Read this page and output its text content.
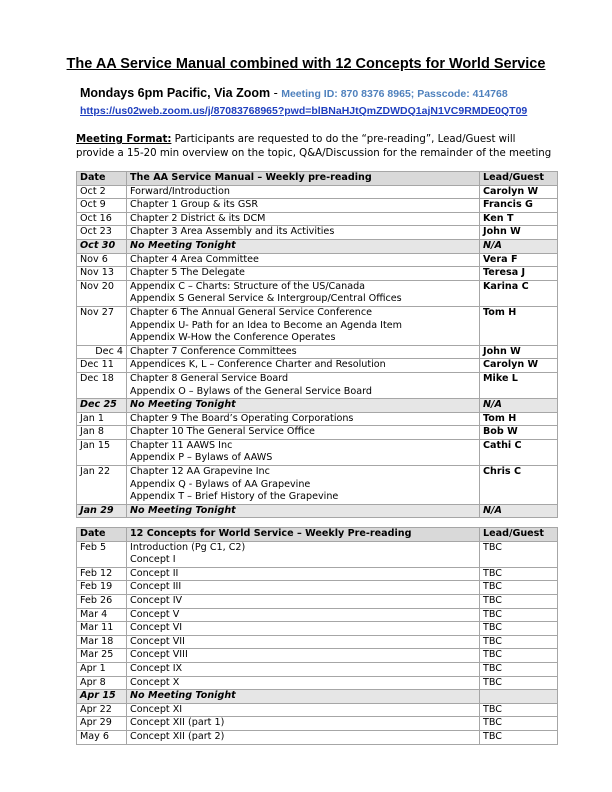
The AA Service Manual combined with 12 Concepts for World Service
Mondays 6pm Pacific, Via Zoom - Meeting ID: 870 8376 8965; Passcode: 414768
https://us02web.zoom.us/j/87083768965?pwd=blBNaHJtQmZDWDQ1ajN1VC9RMDE0QT09
Meeting Format: Participants are requested to do the “pre-reading”, Lead/Guest will provide a 15-20 min overview on the topic, Q&A/Discussion for the remainder of the meeting
Date	The AA Service Manual – Weekly pre-reading	Lead/Guest
Oct 2	Forward/Introduction	Carolyn W
Oct 9	Chapter 1 Group & its GSR	Francis G
Oct 16	Chapter 2 District & its DCM	Ken T
Oct 23	Chapter 3 Area Assembly and its Activities	John W
Oct 30	No Meeting Tonight	N/A
Nov 6	Chapter 4 Area Committee	Vera F
Nov 13	Chapter 5 The Delegate	Teresa J
Nov 20	Appendix C – Charts: Structure of the US/Canada
Appendix S General Service & Intergroup/Central Offices	Karina C
Nov 27	Chapter 6 The Annual General Service Conference
Appendix U- Path for an Idea to Become an Agenda Item
Appendix W-How the Conference Operates	Tom H
Dec 4	Chapter 7 Conference Committees	John W
Dec 11	Appendices K, L – Conference Charter and Resolution	Carolyn W
Dec 18	Chapter 8 General Service Board
Appendix O – Bylaws of the General Service Board	Mike L
Dec 25	No Meeting Tonight	N/A
Jan 1	Chapter 9 The Board’s Operating Corporations	Tom H
Jan 8	Chapter 10 The General Service Office	Bob W
Jan 15	Chapter 11 AAWS Inc
Appendix P – Bylaws of AAWS	Cathi C
Jan 22	Chapter 12 AA Grapevine Inc
Appendix Q - Bylaws of AA Grapevine
Appendix T – Brief History of the Grapevine	Chris C
Jan 29	No Meeting Tonight	N/A
Date	12 Concepts for World Service – Weekly Pre-reading	Lead/Guest
Feb 5	Introduction (Pg C1, C2)
Concept I	TBC
Feb 12	Concept II	TBC
Feb 19	Concept III	TBC
Feb 26	Concept IV	TBC
Mar 4	Concept V	TBC
Mar 11	Concept VI	TBC
Mar 18	Concept VII	TBC
Mar 25	Concept VIII	TBC
Apr 1	Concept IX	TBC
Apr 8	Concept X	TBC
Apr 15	No Meeting Tonight	

Apr 22	Concept XI	TBC
Apr 29	Concept XII (part 1)	TBC
May 6	Concept XII (part 2)	TBC
